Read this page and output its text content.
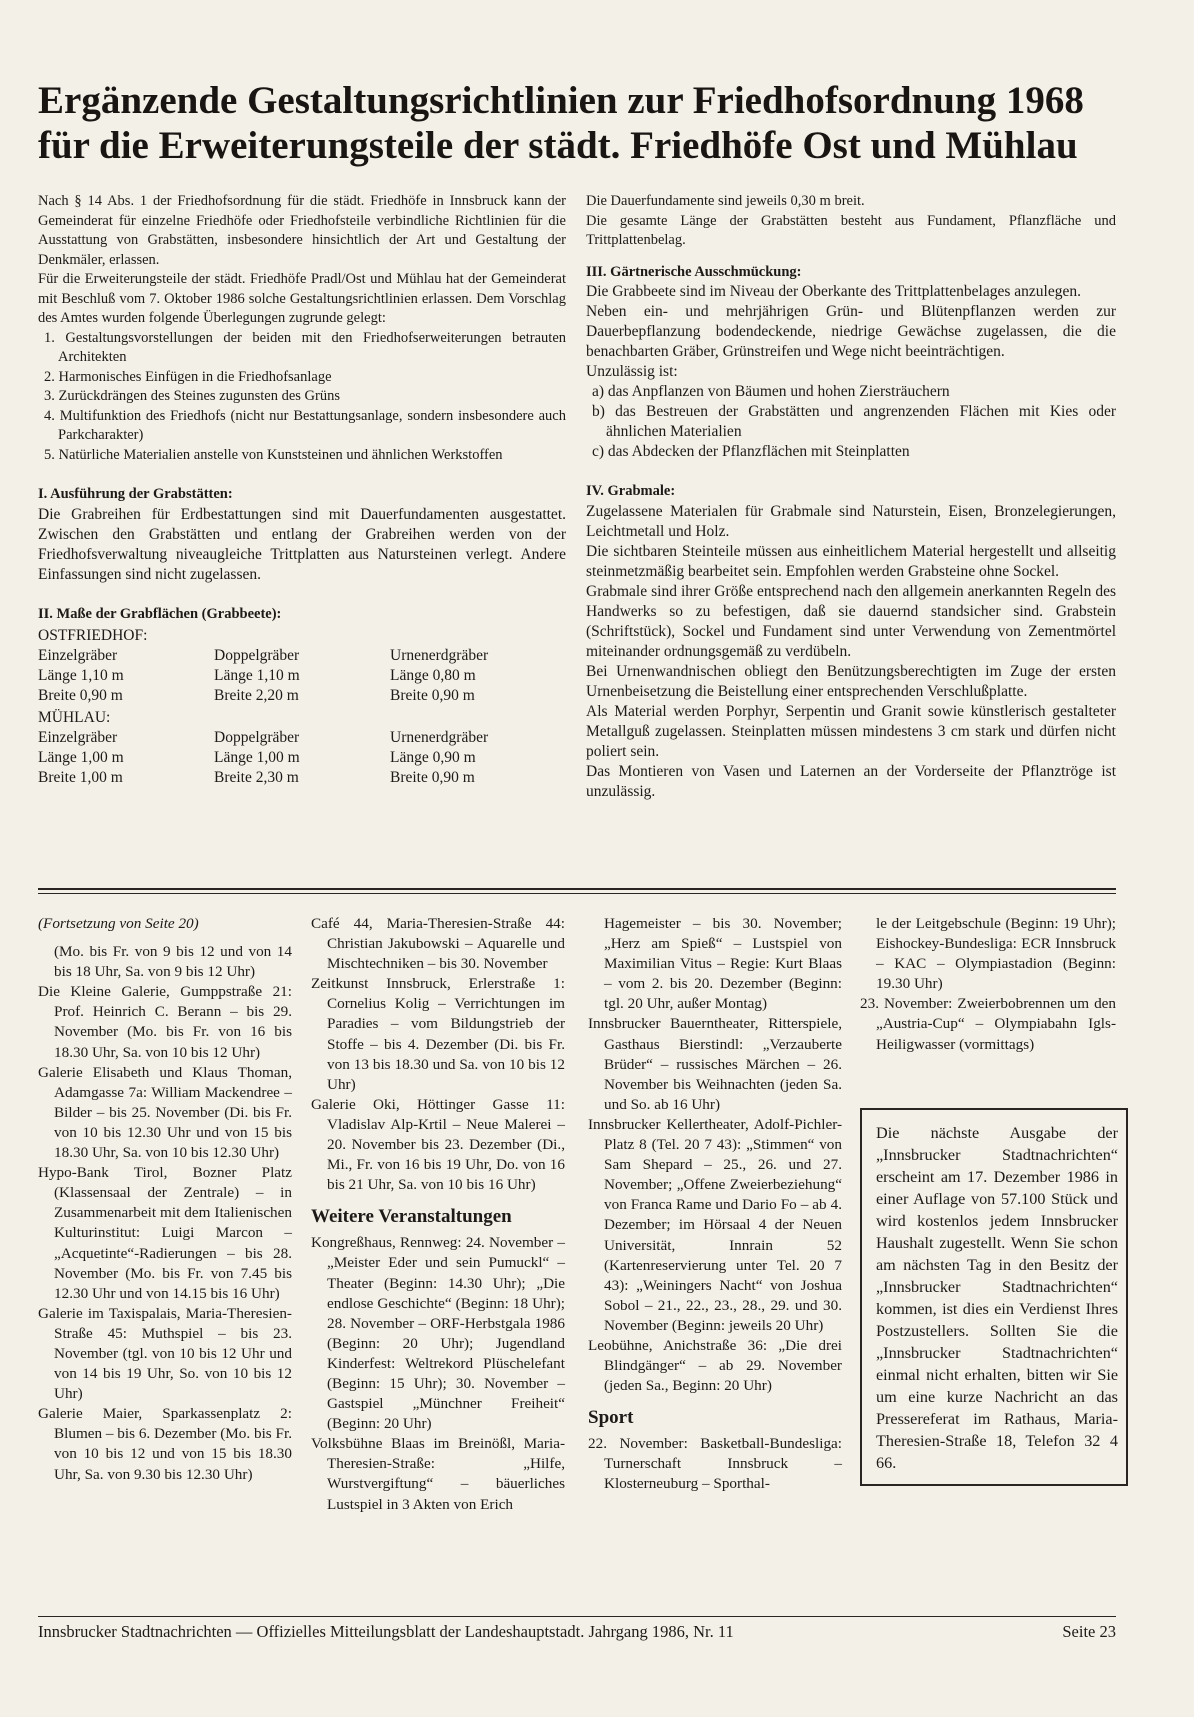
Ergänzende Gestaltungsrichtlinien zur Friedhofsordnung 1968
für die Erweiterungsteile der städt. Friedhöfe Ost und Mühlau

Nach § 14 Abs. 1 der Friedhofsordnung für die städt. Friedhöfe in Innsbruck kann der Gemeinderat für einzelne Friedhöfe oder Friedhofsteile verbindliche Richtlinien für die Ausstattung von Grabstätten, insbesondere hinsichtlich der Art und Gestaltung der Denkmäler, erlassen.

Für die Erweiterungsteile der städt. Friedhöfe Pradl/Ost und Mühlau hat der Gemeinderat mit Beschluß vom 7. Oktober 1986 solche Gestaltungsrichtlinien erlassen. Dem Vorschlag des Amtes wurden folgende Überlegungen zugrunde gelegt:

1. Gestaltungsvorstellungen der beiden mit den Friedhofserweiterungen betrauten Architekten

2. Harmonisches Einfügen in die Friedhofsanlage

3. Zurückdrängen des Steines zugunsten des Grüns

4. Multifunktion des Friedhofs (nicht nur Bestattungsanlage, sondern insbesondere auch Parkcharakter)

5. Natürliche Materialien anstelle von Kunststeinen und ähnlichen Werkstoffen

I. Ausführung der Grabstätten:

Die Grabreihen für Erdbestattungen sind mit Dauerfundamenten ausgestattet. Zwischen den Grabstätten und entlang der Grabreihen werden von der Friedhofsverwaltung niveaugleiche Trittplatten aus Natursteinen verlegt. Andere Einfassungen sind nicht zugelassen.

II. Maße der Grabflächen (Grabbeete):

OSTFRIEDHOF:		
Einzelgräber	Doppelgräber	Urnenerdgräber
Länge 1,10 m	Länge 1,10 m	Länge 0,80 m
Breite 0,90 m	Breite 2,20 m	Breite 0,90 m
MÜHLAU:		
Einzelgräber	Doppelgräber	Urnenerdgräber
Länge 1,00 m	Länge 1,00 m	Länge 0,90 m
Breite 1,00 m	Breite 2,30 m	Breite 0,90 m

Die Dauerfundamente sind jeweils 0,30 m breit.

Die gesamte Länge der Grabstätten besteht aus Fundament, Pflanzfläche und Trittplattenbelag.

III. Gärtnerische Ausschmückung:

Die Grabbeete sind im Niveau der Oberkante des Trittplattenbelages anzulegen.

Neben ein- und mehrjährigen Grün- und Blütenpflanzen werden zur Dauerbepflanzung bodendeckende, niedrige Gewächse zugelassen, die die benachbarten Gräber, Grünstreifen und Wege nicht beeinträchtigen.

Unzulässig ist:

a) das Anpflanzen von Bäumen und hohen Ziersträuchern

b) das Bestreuen der Grabstätten und angrenzenden Flächen mit Kies oder ähnlichen Materialien

c) das Abdecken der Pflanzflächen mit Steinplatten

IV. Grabmale:

Zugelassene Materialen für Grabmale sind Naturstein, Eisen, Bronzelegierungen, Leichtmetall und Holz.

Die sichtbaren Steinteile müssen aus einheitlichem Material hergestellt und allseitig steinmetzmäßig bearbeitet sein. Empfohlen werden Grabsteine ohne Sockel.

Grabmale sind ihrer Größe entsprechend nach den allgemein anerkannten Regeln des Handwerks so zu befestigen, daß sie dauernd standsicher sind. Grabstein (Schriftstück), Sockel und Fundament sind unter Verwendung von Zementmörtel miteinander ordnungsgemäß zu verdübeln.

Bei Urnenwandnischen obliegt den Benützungsberechtigten im Zuge der ersten Urnenbeisetzung die Beistellung einer entsprechenden Verschlußplatte.

Als Material werden Porphyr, Serpentin und Granit sowie künstlerisch gestalteter Metallguß zugelassen. Steinplatten müssen mindestens 3 cm stark und dürfen nicht poliert sein.

Das Montieren von Vasen und Laternen an der Vorderseite der Pflanztröge ist unzulässig.

(Fortsetzung von Seite 20)

(Mo. bis Fr. von 9 bis 12 und von 14 bis 18 Uhr, Sa. von 9 bis 12 Uhr)

Die Kleine Galerie, Gumppstraße 21: Prof. Heinrich C. Berann – bis 29. November (Mo. bis Fr. von 16 bis 18.30 Uhr, Sa. von 10 bis 12 Uhr)

Galerie Elisabeth und Klaus Thoman, Adamgasse 7a: William Mackendree – Bilder – bis 25. November (Di. bis Fr. von 10 bis 12.30 Uhr und von 15 bis 18.30 Uhr, Sa. von 10 bis 12.30 Uhr)

Hypo-Bank Tirol, Bozner Platz (Klassensaal der Zentrale) – in Zusammenarbeit mit dem Italienischen Kulturinstitut: Luigi Marcon – „Acquetinte“-Radierungen – bis 28. November (Mo. bis Fr. von 7.45 bis 12.30 Uhr und von 14.15 bis 16 Uhr)

Galerie im Taxispalais, Maria-Theresien-Straße 45: Muthspiel – bis 23. November (tgl. von 10 bis 12 Uhr und von 14 bis 19 Uhr, So. von 10 bis 12 Uhr)

Galerie Maier, Sparkassenplatz 2: Blumen – bis 6. Dezember (Mo. bis Fr. von 10 bis 12 und von 15 bis 18.30 Uhr, Sa. von 9.30 bis 12.30 Uhr)

Café 44, Maria-Theresien-Straße 44: Christian Jakubowski – Aquarelle und Mischtechniken – bis 30. November

Zeitkunst Innsbruck, Erlerstraße 1: Cornelius Kolig – Verrichtungen im Paradies – vom Bildungstrieb der Stoffe – bis 4. Dezember (Di. bis Fr. von 13 bis 18.30 und Sa. von 10 bis 12 Uhr)

Galerie Oki, Höttinger Gasse 11: Vladislav Alp-Krtil – Neue Malerei – 20. November bis 23. Dezember (Di., Mi., Fr. von 16 bis 19 Uhr, Do. von 16 bis 21 Uhr, Sa. von 10 bis 16 Uhr)

Weitere Veranstaltungen

Kongreßhaus, Rennweg: 24. November – „Meister Eder und sein Pumuckl“ – Theater (Beginn: 14.30 Uhr); „Die endlose Geschichte“ (Beginn: 18 Uhr); 28. November – ORF-Herbstgala 1986 (Beginn: 20 Uhr); Jugendland Kinderfest: Weltrekord Plüschelefant (Beginn: 15 Uhr); 30. November – Gastspiel „Münchner Freiheit“ (Beginn: 20 Uhr)

Volksbühne Blaas im Breinößl, Maria-Theresien-Straße: „Hilfe, Wurstvergiftung“ – bäuerliches Lustspiel in 3 Akten von Erich

Hagemeister – bis 30. November; „Herz am Spieß“ – Lustspiel von Maximilian Vitus – Regie: Kurt Blaas – vom 2. bis 20. Dezember (Beginn: tgl. 20 Uhr, außer Montag)

Innsbrucker Bauerntheater, Ritterspiele, Gasthaus Bierstindl: „Verzauberte Brüder“ – russisches Märchen – 26. November bis Weihnachten (jeden Sa. und So. ab 16 Uhr)

Innsbrucker Kellertheater, Adolf-Pichler-Platz 8 (Tel. 20 7 43): „Stimmen“ von Sam Shepard – 25., 26. und 27. November; „Offene Zweierbeziehung“ von Franca Rame und Dario Fo – ab 4. Dezember; im Hörsaal 4 der Neuen Universität, Innrain 52 (Kartenreservierung unter Tel. 20 7 43): „Weiningers Nacht“ von Joshua Sobol – 21., 22., 23., 28., 29. und 30. November (Beginn: jeweils 20 Uhr)

Leobühne, Anichstraße 36: „Die drei Blindgänger“ – ab 29. November (jeden Sa., Beginn: 20 Uhr)

Sport

22. November: Basketball-Bundesliga: Turnerschaft Innsbruck – Klosterneuburg – Sporthal-

le der Leitgebschule (Beginn: 19 Uhr); Eishockey-Bundesliga: ECR Innsbruck – KAC – Olympiastadion (Beginn: 19.30 Uhr)

23. November: Zweierbobrennen um den „Austria-Cup“ – Olympiabahn Igls-Heiligwasser (vormittags)

Die nächste Ausgabe der „Innsbrucker Stadtnachrichten“ erscheint am 17. Dezember 1986 in einer Auflage von 57.100 Stück und wird kostenlos jedem Innsbrucker Haushalt zugestellt. Wenn Sie schon am nächsten Tag in den Besitz der „Innsbrucker Stadtnachrichten“ kommen, ist dies ein Verdienst Ihres Postzustellers. Sollten Sie die „Innsbrucker Stadtnachrichten“ einmal nicht erhalten, bitten wir Sie um eine kurze Nachricht an das Pressereferat im Rathaus, Maria-Theresien-Straße 18, Telefon 32 4 66.
Innsbrucker Stadtnachrichten — Offizielles Mitteilungsblatt der Landeshauptstadt. Jahrgang 1986, Nr. 11	Seite 23
